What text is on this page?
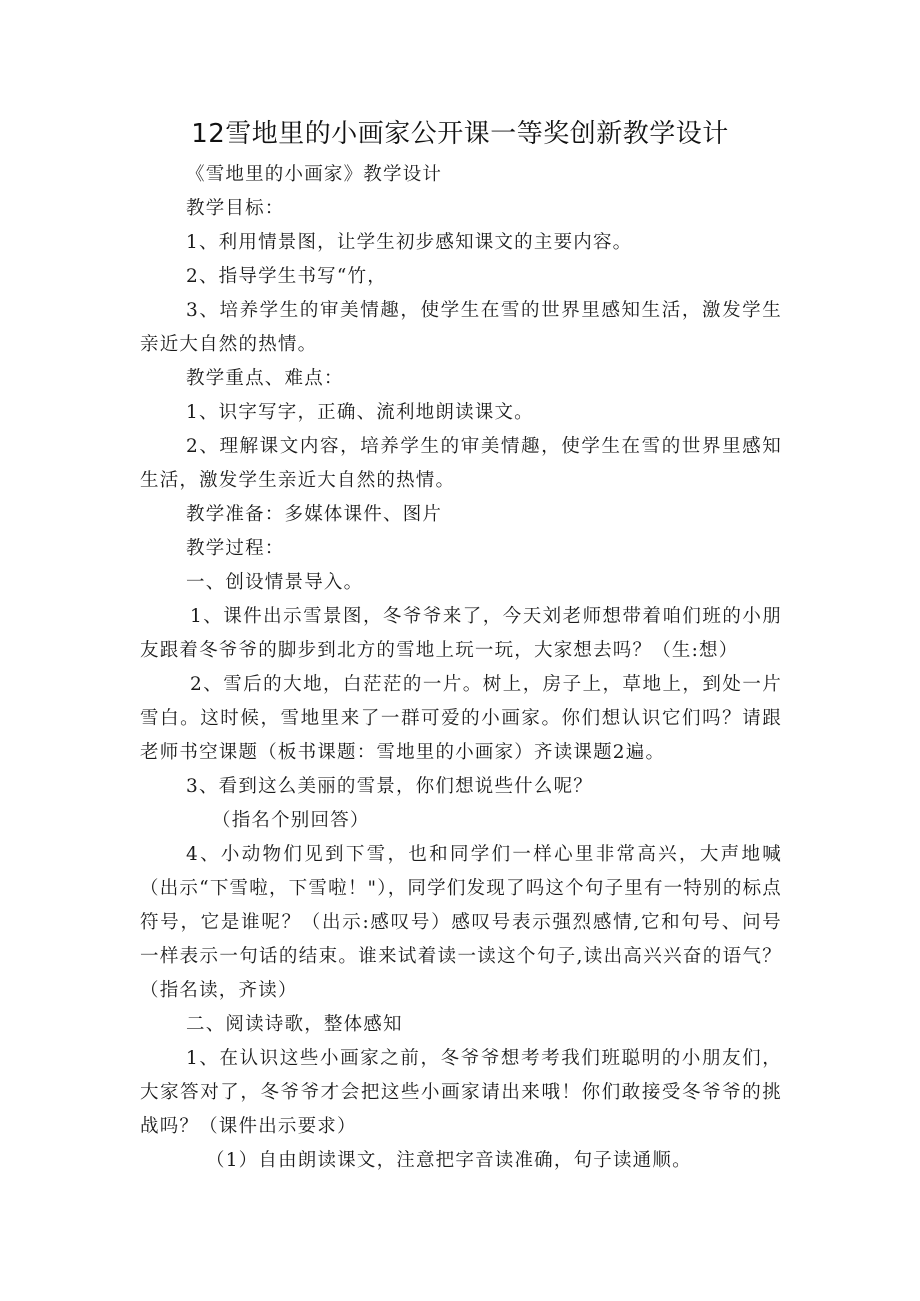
12雪地里的小画家公开课一等奖创新教学设计

《雪地里的小画家》教学设计

教学目标：

1、利用情景图，让学生初步感知课文的主要内容。

2、指导学生书写“竹，

3、培养学生的审美情趣，使学生在雪的世界里感知生活，激发学生亲近大自然的热情。

教学重点、难点：

1、识字写字，正确、流利地朗读课文。

2、理解课文内容，培养学生的审美情趣，使学生在雪的世界里感知生活，激发学生亲近大自然的热情。

教学准备：多媒体课件、图片

教学过程：

一、创设情景导入。

1、课件出示雪景图，冬爷爷来了，今天刘老师想带着咱们班的小朋友跟着冬爷爷的脚步到北方的雪地上玩一玩，大家想去吗？（生:想）

2、雪后的大地，白茫茫的一片。树上，房子上，草地上，到处一片雪白。这时候，雪地里来了一群可爱的小画家。你们想认识它们吗？请跟老师书空课题（板书课题：雪地里的小画家）齐读课题2遍。

3、看到这么美丽的雪景，你们想说些什么呢？

（指名个别回答）

4、小动物们见到下雪，也和同学们一样心里非常高兴，大声地喊（出示“下雪啦，下雪啦！"），同学们发现了吗这个句子里有一特别的标点符号，它是谁呢？（出示:感叹号）感叹号表示强烈感情,它和句号、问号一样表示一句话的结束。谁来试着读一读这个句子,读出高兴兴奋的语气？（指名读，齐读）

二、阅读诗歌，整体感知

1、在认识这些小画家之前，冬爷爷想考考我们班聪明的小朋友们，大家答对了，冬爷爷才会把这些小画家请出来哦！你们敢接受冬爷爷的挑战吗？（课件出示要求）

（1）自由朗读课文，注意把字音读准确，句子读通顺。
